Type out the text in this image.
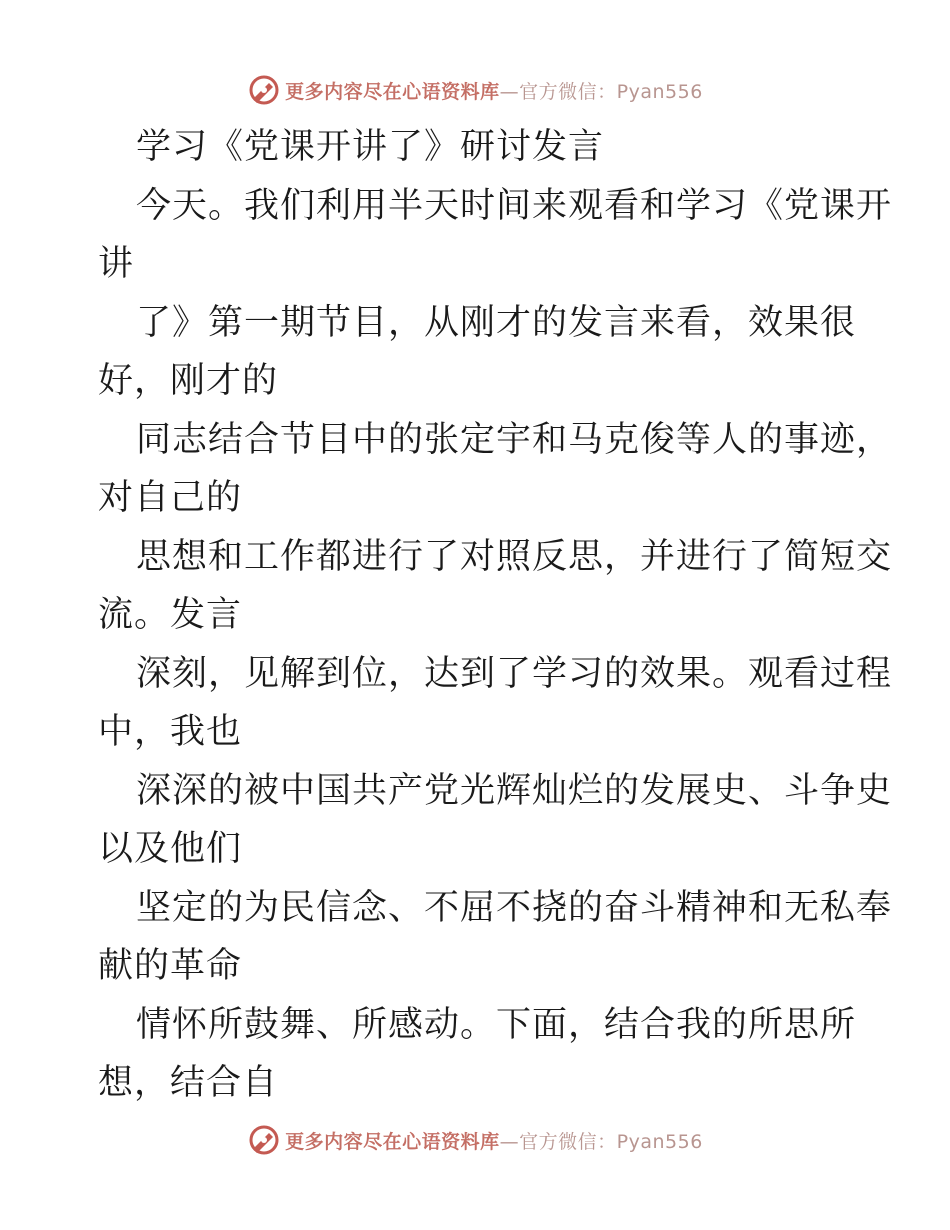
更多内容尽在心语资料库—官方微信：Pyan556
学习《党课开讲了》研讨发言
今天。我们利用半天时间来观看和学习《党课开
讲
了》第一期节目，从刚才的发言来看，效果很
好，刚才的
同志结合节目中的张定宇和马克俊等人的事迹，
对自己的
思想和工作都进行了对照反思，并进行了简短交
流。发言
深刻，见解到位，达到了学习的效果。观看过程
中，我也
深深的被中国共产党光辉灿烂的发展史、斗争史
以及他们
坚定的为民信念、不屈不挠的奋斗精神和无私奉
献的革命
情怀所鼓舞、所感动。下面，结合我的所思所
想，结合自
更多内容尽在心语资料库—官方微信：Pyan556
